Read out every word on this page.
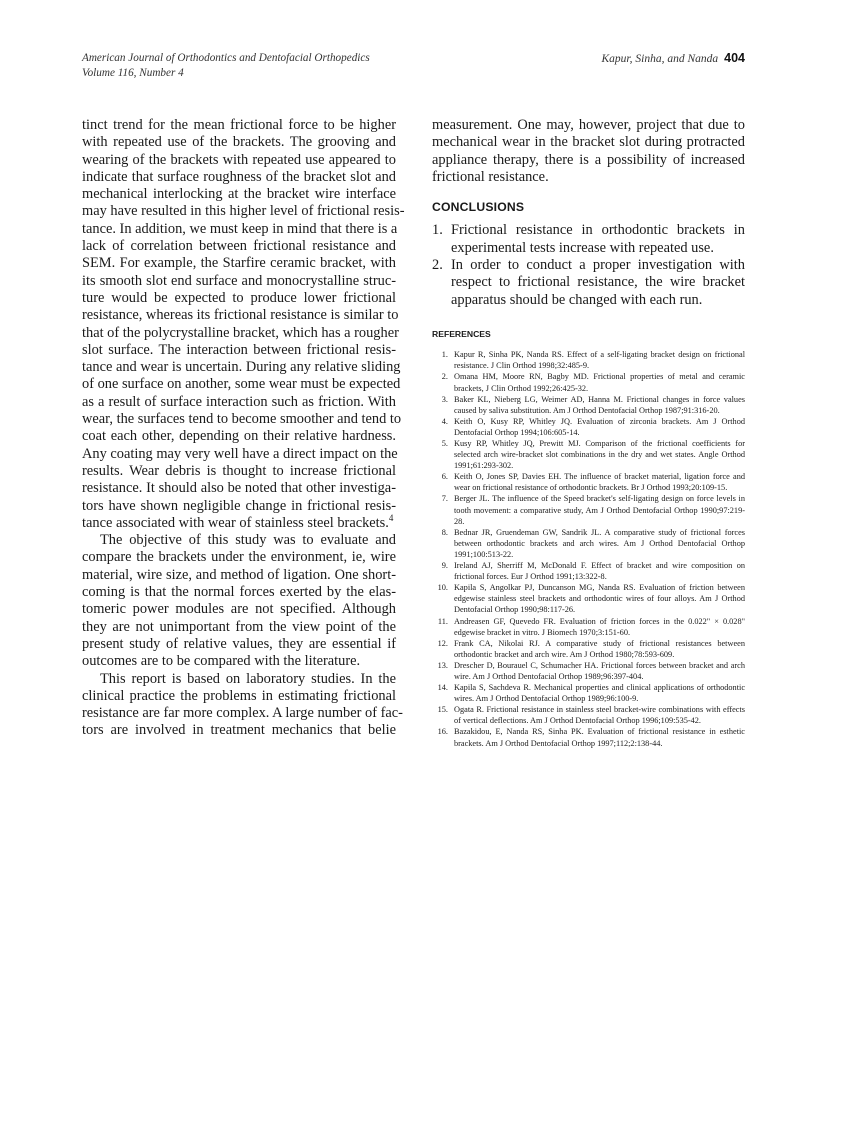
American Journal of Orthodontics and Dentofacial Orthopedics
Volume 116, Number 4
Kapur, Sinha, and Nanda 404
tinct trend for the mean frictional force to be higher
with repeated use of the brackets. The grooving and
wearing of the brackets with repeated use appeared to
indicate that surface roughness of the bracket slot and
mechanical interlocking at the bracket wire interface
may have resulted in this higher level of frictional resis-
tance. In addition, we must keep in mind that there is a
lack of correlation between frictional resistance and
SEM. For example, the Starfire ceramic bracket, with
its smooth slot end surface and monocrystalline struc-
ture would be expected to produce lower frictional
resistance, whereas its frictional resistance is similar to
that of the polycrystalline bracket, which has a rougher
slot surface. The interaction between frictional resis-
tance and wear is uncertain. During any relative sliding
of one surface on another, some wear must be expected
as a result of surface interaction such as friction. With
wear, the surfaces tend to become smoother and tend to
coat each other, depending on their relative hardness.
Any coating may very well have a direct impact on the
results. Wear debris is thought to increase frictional
resistance. It should also be noted that other investiga-
tors have shown negligible change in frictional resis-
tance associated with wear of stainless steel brackets.$^4$
The objective of this study was to evaluate and
compare the brackets under the environment, ie, wire
material, wire size, and method of ligation. One short-
coming is that the normal forces exerted by the elas-
tomeric power modules are not specified. Although
they are not unimportant from the view point of the
present study of relative values, they are essential if
outcomes are to be compared with the literature.
This report is based on laboratory studies. In the
clinical practice the problems in estimating frictional
resistance are far more complex. A large number of fac-
tors are involved in treatment mechanics that belie
measurement. One may, however, project that due to
mechanical wear in the bracket slot during protracted
appliance therapy, there is a possibility of increased
frictional resistance.
CONCLUSIONS
1. Frictional resistance in orthodontic brackets in experimental tests increase with repeated use.
2. In order to conduct a proper investigation with respect to frictional resistance, the wire bracket apparatus should be changed with each run.
REFERENCES
1. Kapur R, Sinha PK, Nanda RS. Effect of a self-ligating bracket design on frictional resistance. J Clin Orthod 1998;32:485-9.
2. Omana HM, Moore RN, Bagby MD. Frictional properties of metal and ceramic brackets, J Clin Orthod 1992;26:425-32.
3. Baker KL, Nieberg LG, Weimer AD, Hanna M. Frictional changes in force values caused by saliva substitution. Am J Orthod Dentofacial Orthop 1987;91:316-20.
4. Keith O, Kusy RP, Whitley JQ. Evaluation of zirconia brackets. Am J Orthod Dentofacial Orthop 1994;106:605-14.
5. Kusy RP, Whitley JQ, Prewitt MJ. Comparison of the frictional coefficients for selected arch wire-bracket slot combinations in the dry and wet states. Angle Orthod 1991;61:293-302.
6. Keith O, Jones SP, Davies EH. The influence of bracket material, ligation force and wear on frictional resistance of orthodontic brackets. Br J Orthod 1993;20:109-15.
7. Berger JL. The influence of the Speed bracket's self-ligating design on force levels in tooth movement: a comparative study, Am J Orthod Dentofacial Orthop 1990;97:219-28.
8. Bednar JR, Gruendeman GW, Sandrik JL. A comparative study of frictional forces between orthodontic brackets and arch wires. Am J Orthod Dentofacial Orthop 1991;100:513-22.
9. Ireland AJ, Sherriff M, McDonald F. Effect of bracket and wire composition on frictional forces. Eur J Orthod 1991;13:322-8.
10. Kapila S, Angolkar PJ, Duncanson MG, Nanda RS. Evaluation of friction between edgewise stainless steel brackets and orthodontic wires of four alloys. Am J Orthod Dentofacial Orthop 1990;98:117-26.
11. Andreasen GF, Quevedo FR. Evaluation of friction forces in the 0.022" × 0.028" edgewise bracket in vitro. J Biomech 1970;3:151-60.
12. Frank CA, Nikolai RJ. A comparative study of frictional resistances between orthodontic bracket and arch wire. Am J Orthod 1980;78:593-609.
13. Drescher D, Bourauel C, Schumacher HA. Frictional forces between bracket and arch wire. Am J Orthod Dentofacial Orthop 1989;96:397-404.
14. Kapila S, Sachdeva R. Mechanical properties and clinical applications of orthodontic wires. Am J Orthod Dentofacial Orthop 1989;96:100-9.
15. Ogata R. Frictional resistance in stainless steel bracket-wire combinations with effects of vertical deflections. Am J Orthod Dentofacial Orthop 1996;109:535-42.
16. Bazakidou, E, Nanda RS, Sinha PK. Evaluation of frictional resistance in esthetic brackets. Am J Orthod Dentofacial Orthop 1997;112;2:138-44.
